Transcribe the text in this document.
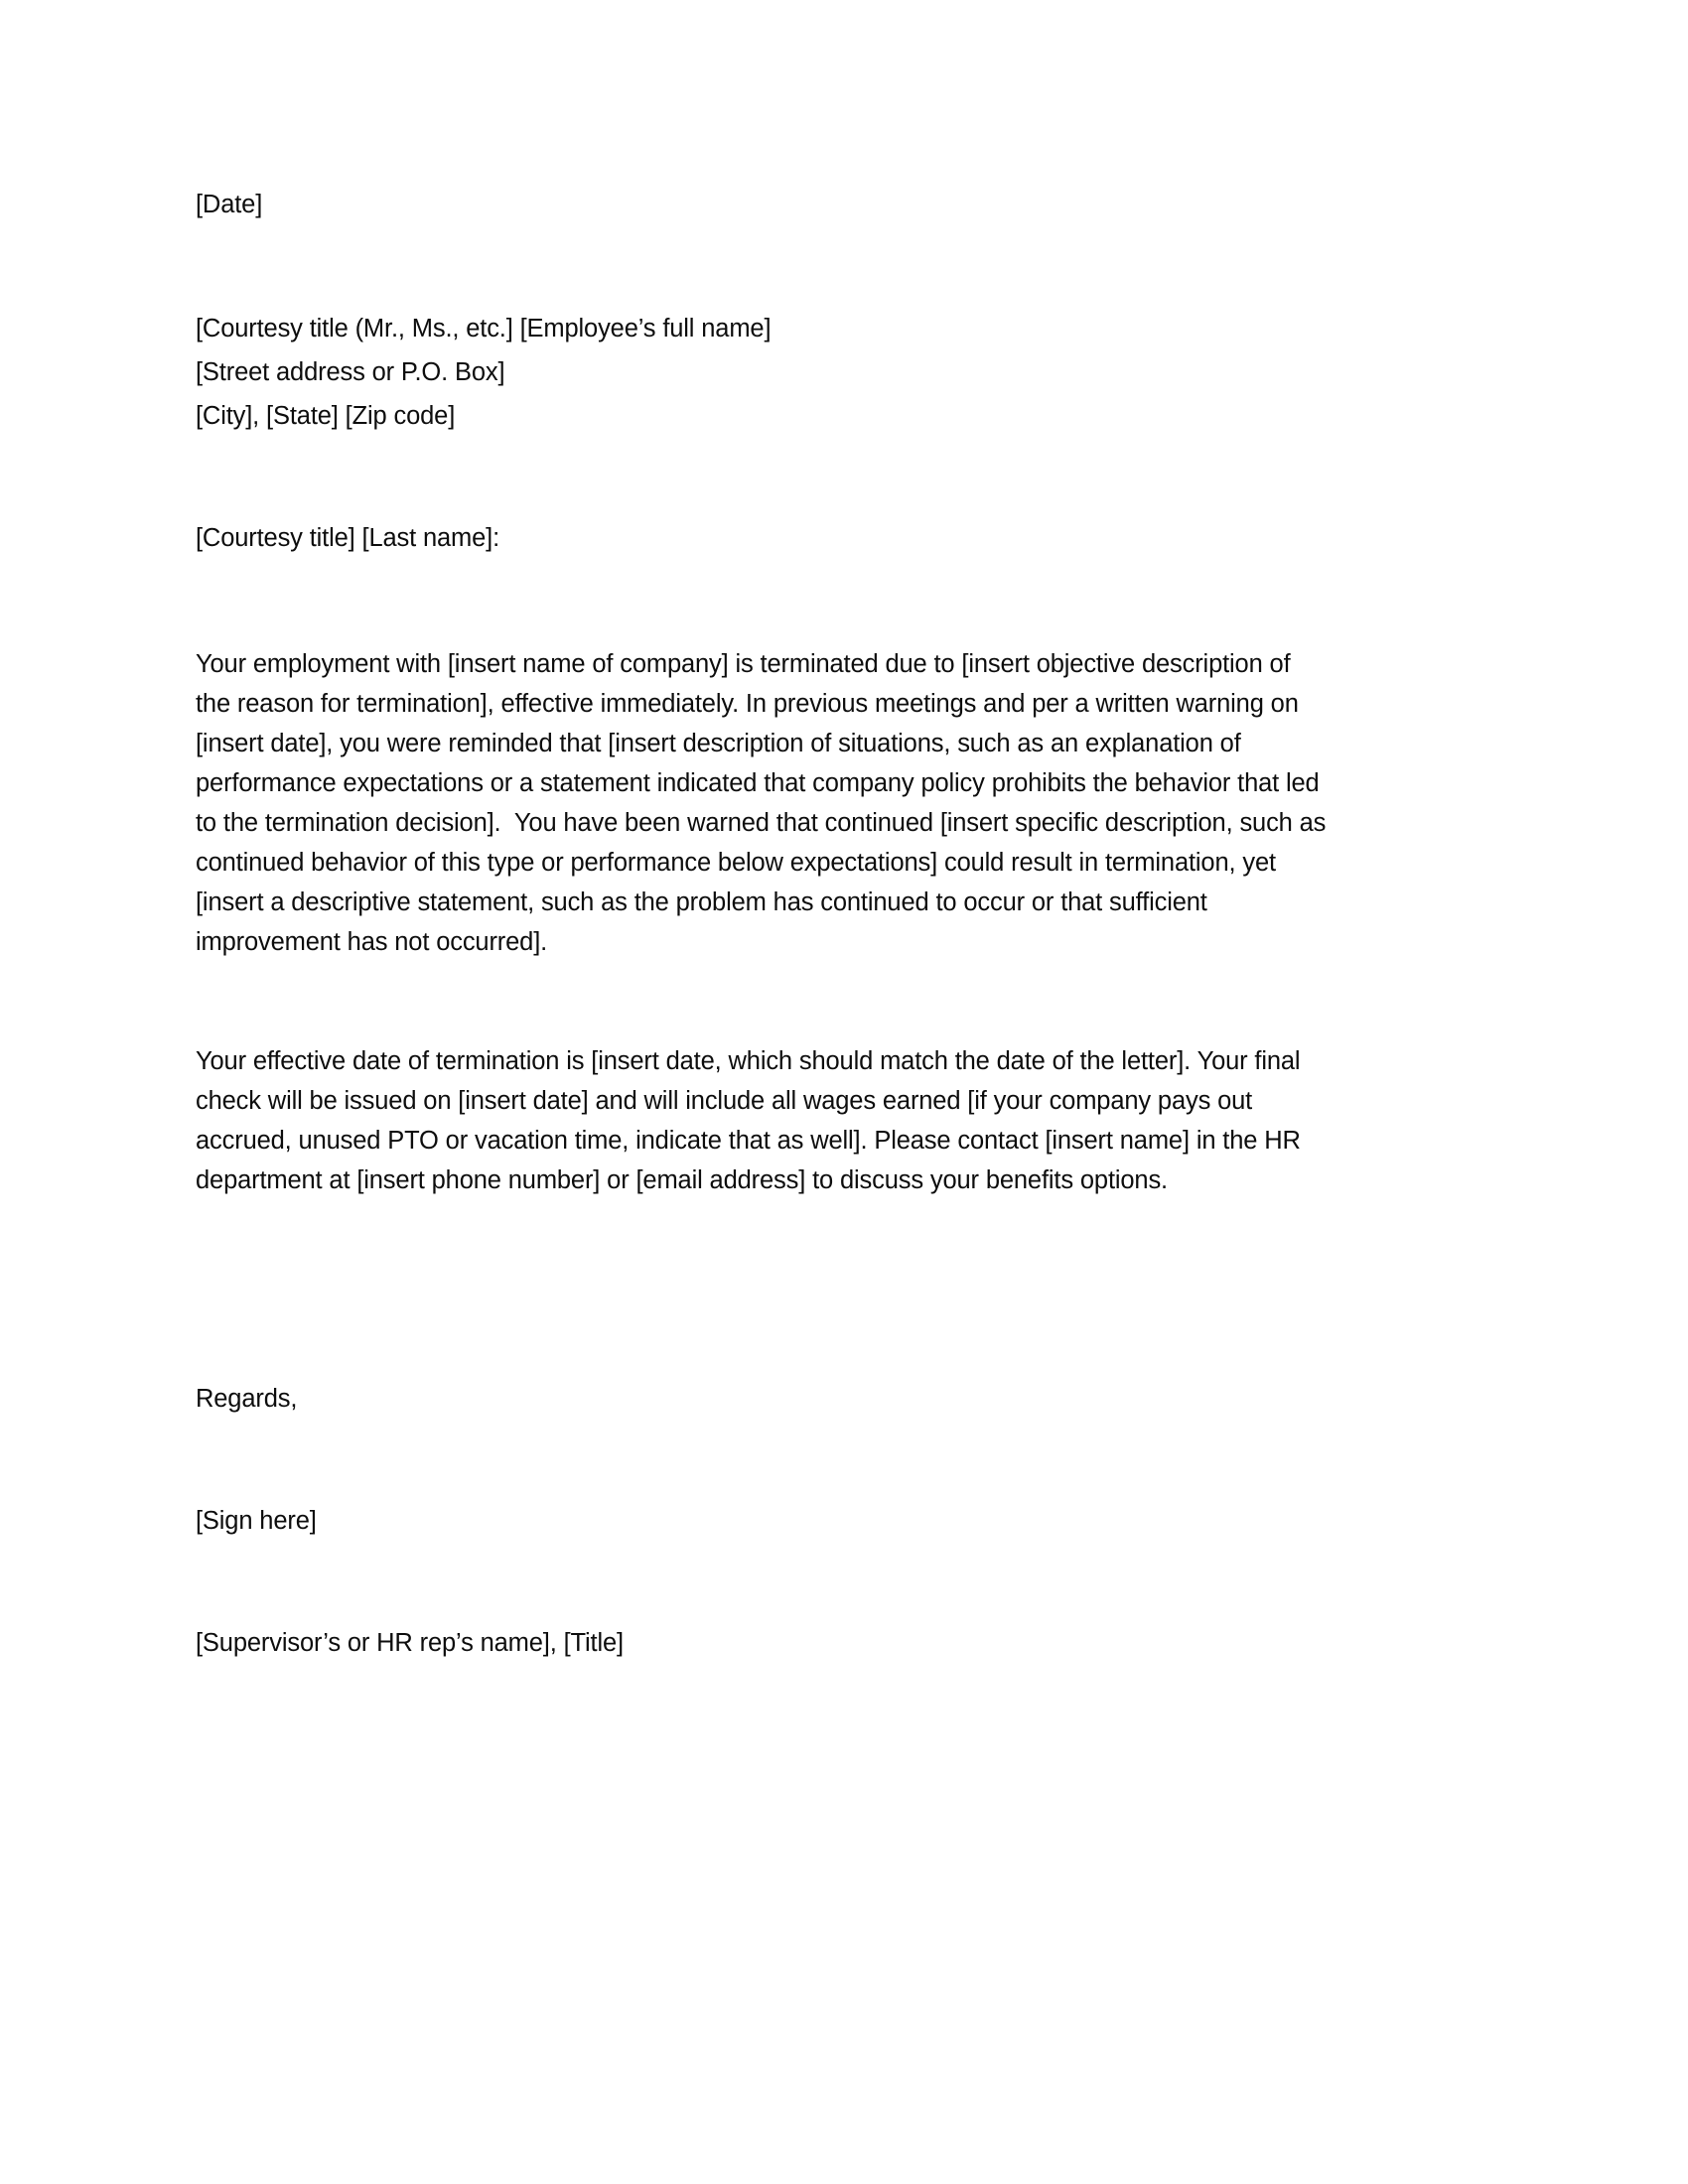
[Date]
[Courtesy title (Mr., Ms., etc.] [Employee’s full name]
[Street address or P.O. Box]
[City], [State] [Zip code]
[Courtesy title] [Last name]:
Your employment with [insert name of company] is terminated due to [insert objective description of
the reason for termination], effective immediately. In previous meetings and per a written warning on
[insert date], you were reminded that [insert description of situations, such as an explanation of
performance expectations or a statement indicated that company policy prohibits the behavior that led
to the termination decision].  You have been warned that continued [insert specific description, such as
continued behavior of this type or performance below expectations] could result in termination, yet
[insert a descriptive statement, such as the problem has continued to occur or that sufficient
improvement has not occurred].
Your effective date of termination is [insert date, which should match the date of the letter]. Your final
check will be issued on [insert date] and will include all wages earned [if your company pays out
accrued, unused PTO or vacation time, indicate that as well]. Please contact [insert name] in the HR
department at [insert phone number] or [email address] to discuss your benefits options.
Regards,
[Sign here]
[Supervisor’s or HR rep’s name], [Title]
